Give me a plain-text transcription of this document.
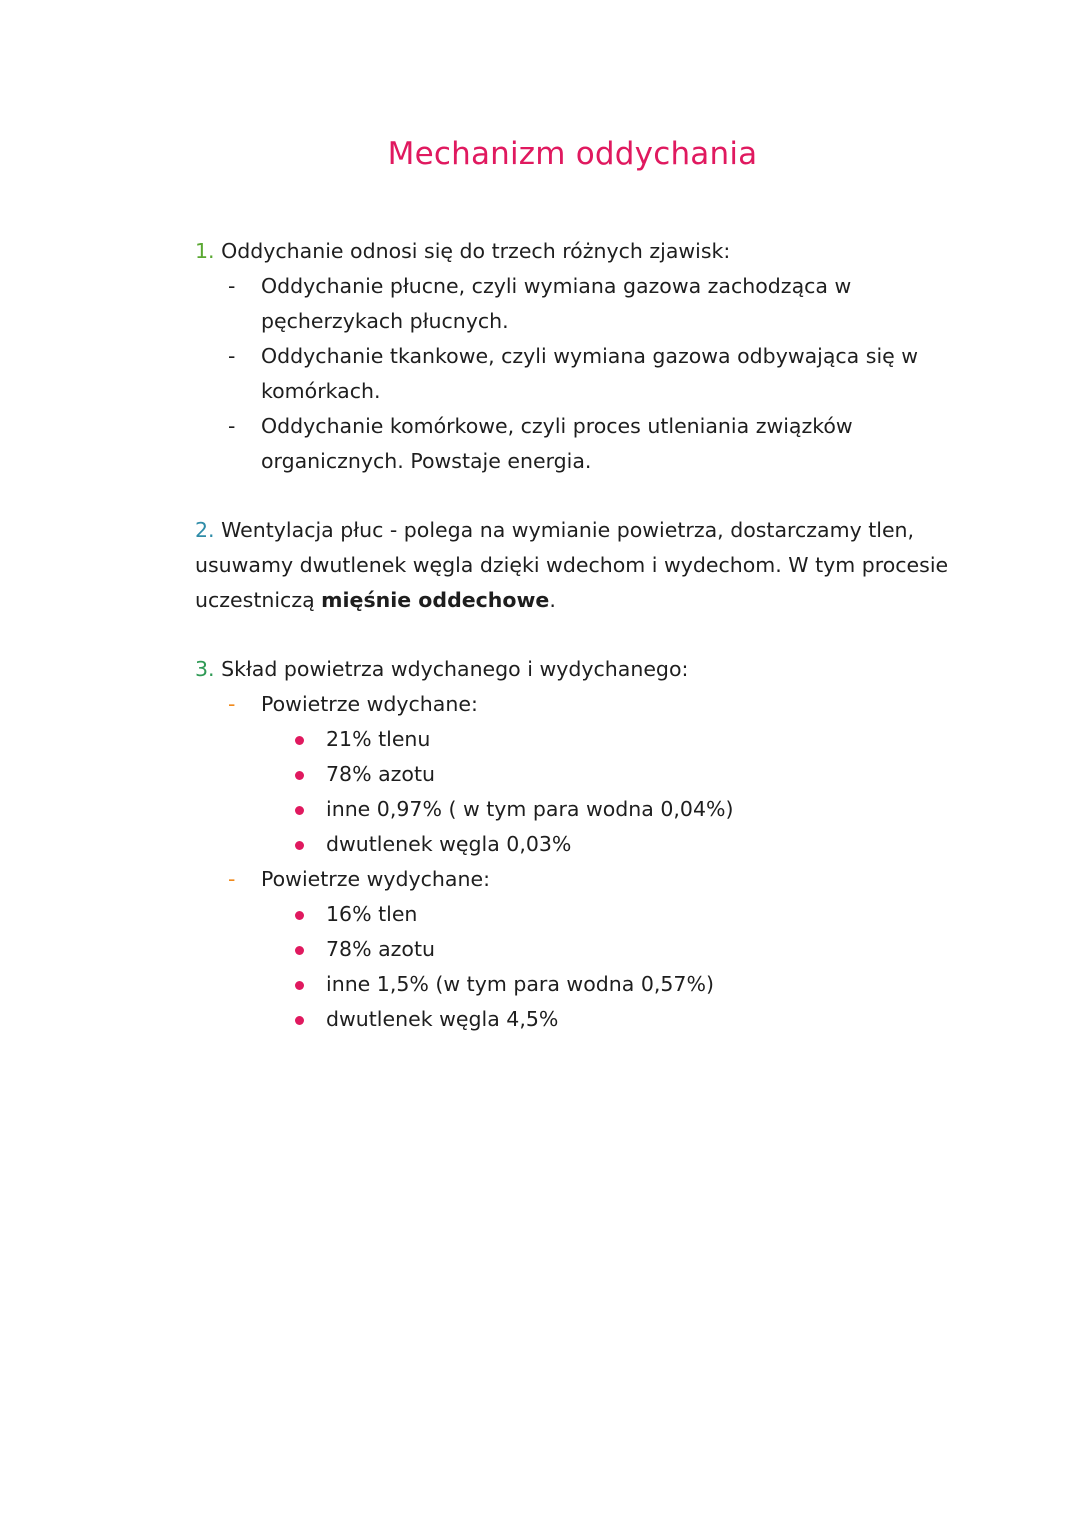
Mechanizm oddychania
1. Oddychanie odnosi się do trzech różnych zjawisk:
- Oddychanie płucne, czyli wymiana gazowa zachodząca w
pęcherzykach płucnych.
- Oddychanie tkankowe, czyli wymiana gazowa odbywająca się w
komórkach.
- Oddychanie komórkowe, czyli proces utleniania związków
organicznych. Powstaje energia.
2. Wentylacja płuc - polega na wymianie powietrza, dostarczamy tlen,
usuwamy dwutlenek węgla dzięki wdechom i wydechom. W tym procesie
uczestniczą mięśnie oddechowe.
3. Skład powietrza wdychanego i wydychanego:
- Powietrze wdychane:
21% tlenu
78% azotu
inne 0,97% ( w tym para wodna 0,04%)
dwutlenek węgla 0,03%
- Powietrze wydychane:
16% tlen
78% azotu
inne 1,5% (w tym para wodna 0,57%)
dwutlenek węgla 4,5%
